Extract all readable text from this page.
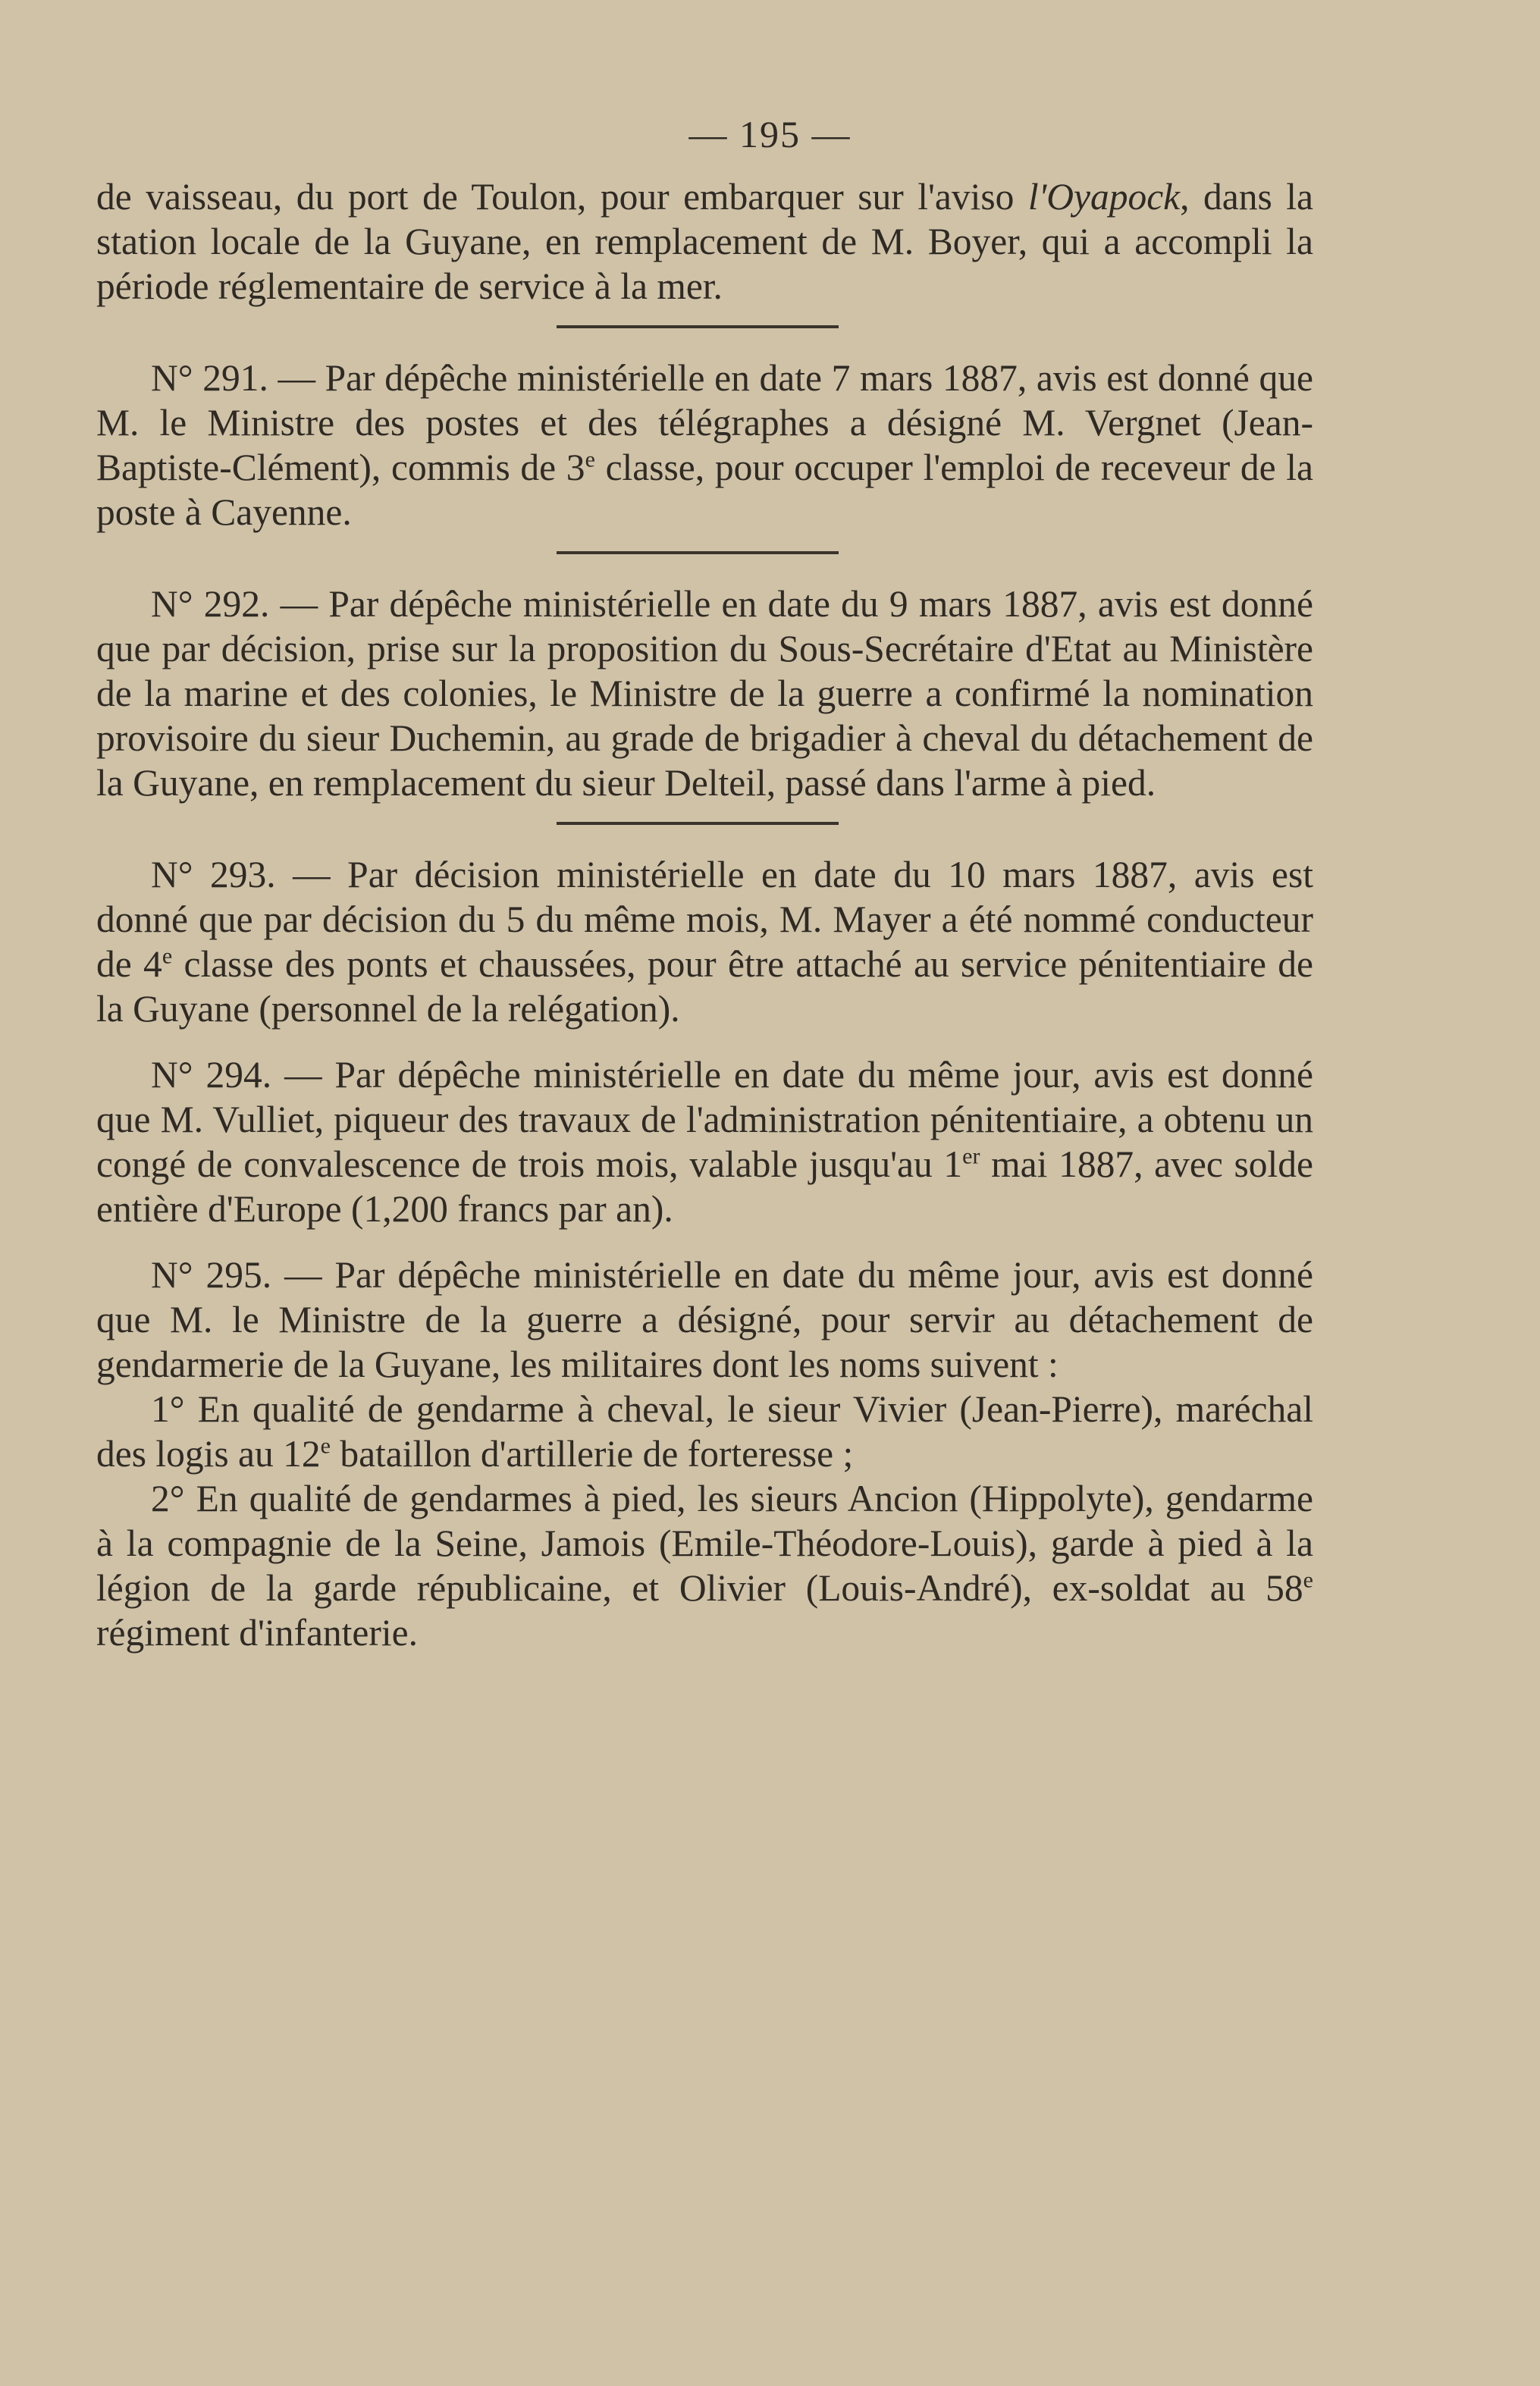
— 195 —

de vaisseau, du port de Toulon, pour embarquer sur l'aviso l'Oyapock, dans la station locale de la Guyane, en remplacement de M. Boyer, qui a accompli la période réglementaire de service à la mer.

N° 291. — Par dépêche ministérielle en date 7 mars 1887, avis est donné que M. le Ministre des postes et des télégraphes a désigné M. Vergnet (Jean-Baptiste-Clément), commis de 3e classe, pour occuper l'emploi de receveur de la poste à Cayenne.

N° 292. — Par dépêche ministérielle en date du 9 mars 1887, avis est donné que par décision, prise sur la proposition du Sous-Secrétaire d'Etat au Ministère de la marine et des colonies, le Ministre de la guerre a confirmé la nomination provisoire du sieur Duchemin, au grade de brigadier à cheval du détachement de la Guyane, en remplacement du sieur Delteil, passé dans l'arme à pied.

N° 293. — Par décision ministérielle en date du 10 mars 1887, avis est donné que par décision du 5 du même mois, M. Mayer a été nommé conducteur de 4e classe des ponts et chaussées, pour être attaché au service pénitentiaire de la Guyane (personnel de la relégation).

N° 294. — Par dépêche ministérielle en date du même jour, avis est donné que M. Vulliet, piqueur des travaux de l'administration pénitentiaire, a obtenu un congé de convalescence de trois mois, valable jusqu'au 1er mai 1887, avec solde entière d'Europe (1,200 francs par an).

N° 295. — Par dépêche ministérielle en date du même jour, avis est donné que M. le Ministre de la guerre a désigné, pour servir au détachement de gendarmerie de la Guyane, les militaires dont les noms suivent :

1° En qualité de gendarme à cheval, le sieur Vivier (Jean-Pierre), maréchal des logis au 12e bataillon d'artillerie de forteresse ;

2° En qualité de gendarmes à pied, les sieurs Ancion (Hippolyte), gendarme à la compagnie de la Seine, Jamois (Emile-Théodore-Louis), garde à pied à la légion de la garde républicaine, et Olivier (Louis-André), ex-soldat au 58e régiment d'infanterie.
